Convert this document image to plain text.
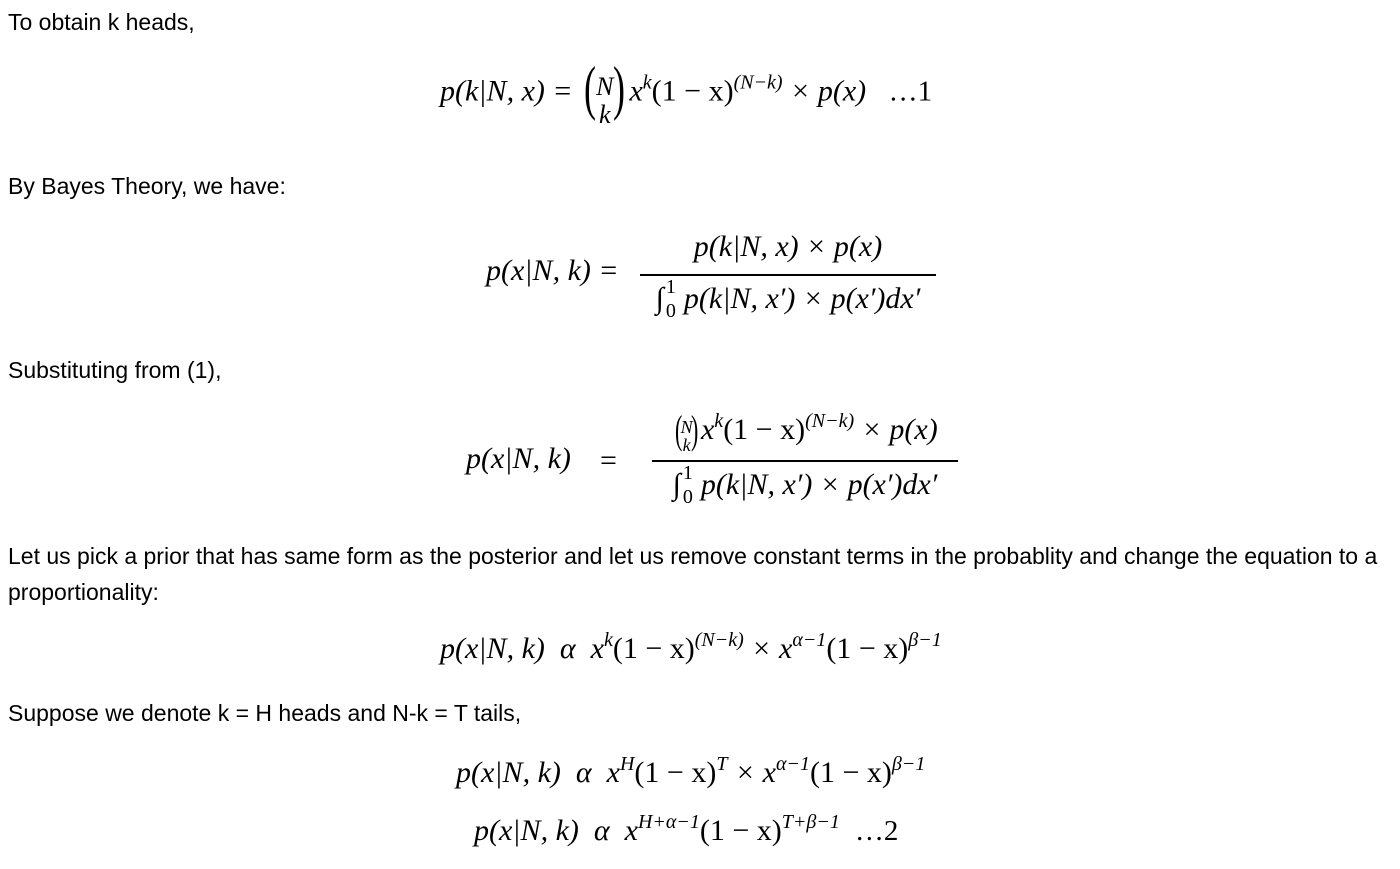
To obtain k heads,
By Bayes Theory, we have:
Substituting from (1),
Let us pick a prior that has same form as the posterior and let us remove constant terms in the probablity and change the equation to a proportionality:
Suppose we denote k = H heads and N-k = T tails,
p(k|N, x) = ( N
k ) $x^k(1 - x)^{(N-k)} \times p(x)$ …1
p(x|N, k) =
p(k|N, x) × p(x)
∫ 1
0 p(k|N, x′) × p(x′)dx′
p(x|N, k) =
(
N
k )$x^k(1 - x)^{(N-k)} \times p(x)$
∫ 1
0 p(k|N, x′) × p(x′)dx′
p(x|N, k) α $x^k(1 - x)^{(N-k)} \times x^{\alpha-1}(1 - x)^{\beta-1}$
p(x|N, k) α $x^H(1 - x)^T \times x^{\alpha-1}(1 - x)^{\beta-1}$
p(x|N, k) α $x^{H+\alpha-1}(1 - x)^{T+\beta-1}$ …2
